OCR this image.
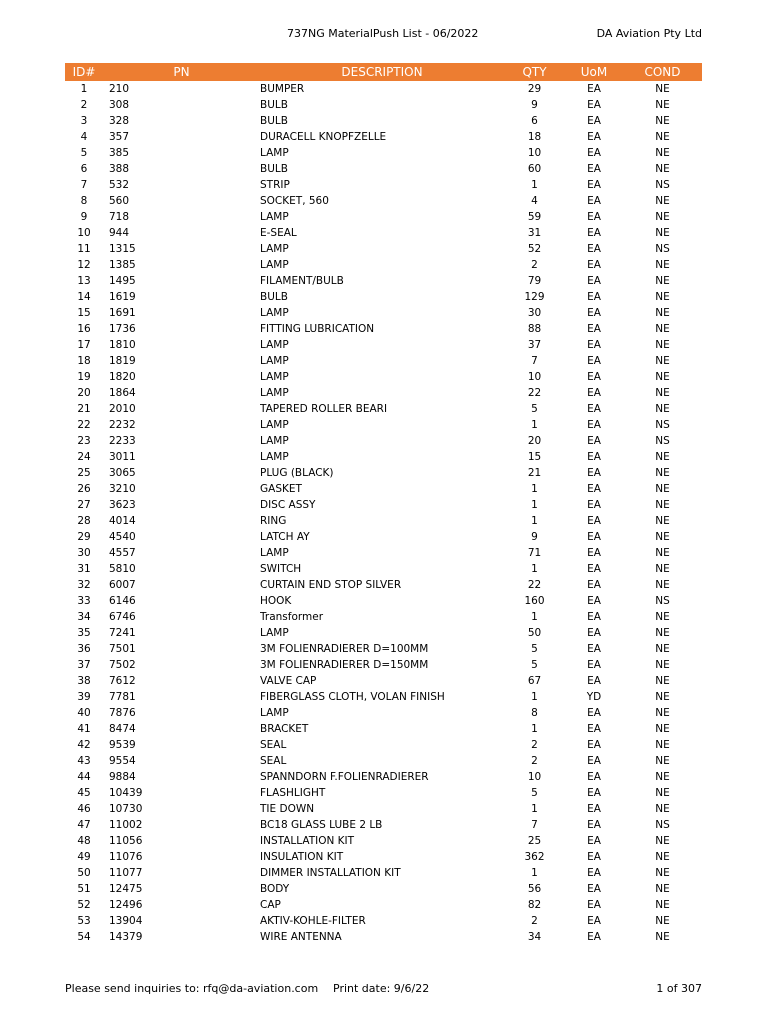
737NG MaterialPush List - 06/2022	DA Aviation Pty Ltd
ID#	PN	DESCRIPTION	QTY	UoM	COND
1	210	BUMPER	29	EA	NE
2	308	BULB	9	EA	NE
3	328	BULB	6	EA	NE
4	357	DURACELL KNOPFZELLE	18	EA	NE
5	385	LAMP	10	EA	NE
6	388	BULB	60	EA	NE
7	532	STRIP	1	EA	NS
8	560	SOCKET, 560	4	EA	NE
9	718	LAMP	59	EA	NE
10	944	E-SEAL	31	EA	NE
11	1315	LAMP	52	EA	NS
12	1385	LAMP	2	EA	NE
13	1495	FILAMENT/BULB	79	EA	NE
14	1619	BULB	129	EA	NE
15	1691	LAMP	30	EA	NE
16	1736	FITTING LUBRICATION	88	EA	NE
17	1810	LAMP	37	EA	NE
18	1819	LAMP	7	EA	NE
19	1820	LAMP	10	EA	NE
20	1864	LAMP	22	EA	NE
21	2010	TAPERED ROLLER BEARI	5	EA	NE
22	2232	LAMP	1	EA	NS
23	2233	LAMP	20	EA	NS
24	3011	LAMP	15	EA	NE
25	3065	PLUG (BLACK)	21	EA	NE
26	3210	GASKET	1	EA	NE
27	3623	DISC ASSY	1	EA	NE
28	4014	RING	1	EA	NE
29	4540	LATCH AY	9	EA	NE
30	4557	LAMP	71	EA	NE
31	5810	SWITCH	1	EA	NE
32	6007	CURTAIN END STOP SILVER	22	EA	NE
33	6146	HOOK	160	EA	NS
34	6746	Transformer	1	EA	NE
35	7241	LAMP	50	EA	NE
36	7501	3M FOLIENRADIERER D=100MM	5	EA	NE
37	7502	3M FOLIENRADIERER D=150MM	5	EA	NE
38	7612	VALVE CAP	67	EA	NE
39	7781	FIBERGLASS CLOTH, VOLAN FINISH	1	YD	NE
40	7876	LAMP	8	EA	NE
41	8474	BRACKET	1	EA	NE
42	9539	SEAL	2	EA	NE
43	9554	SEAL	2	EA	NE
44	9884	SPANNDORN F.FOLIENRADIERER	10	EA	NE
45	10439	FLASHLIGHT	5	EA	NE
46	10730	TIE DOWN	1	EA	NE
47	11002	BC18 GLASS LUBE 2 LB	7	EA	NS
48	11056	INSTALLATION KIT	25	EA	NE
49	11076	INSULATION KIT	362	EA	NE
50	11077	DIMMER INSTALLATION KIT	1	EA	NE
51	12475	BODY	56	EA	NE
52	12496	CAP	82	EA	NE
53	13904	AKTIV-KOHLE-FILTER	2	EA	NE
54	14379	WIRE ANTENNA	34	EA	NE
Please send inquiries to: rfq@da-aviation.com Print date: 9/6/22	1 of 307
